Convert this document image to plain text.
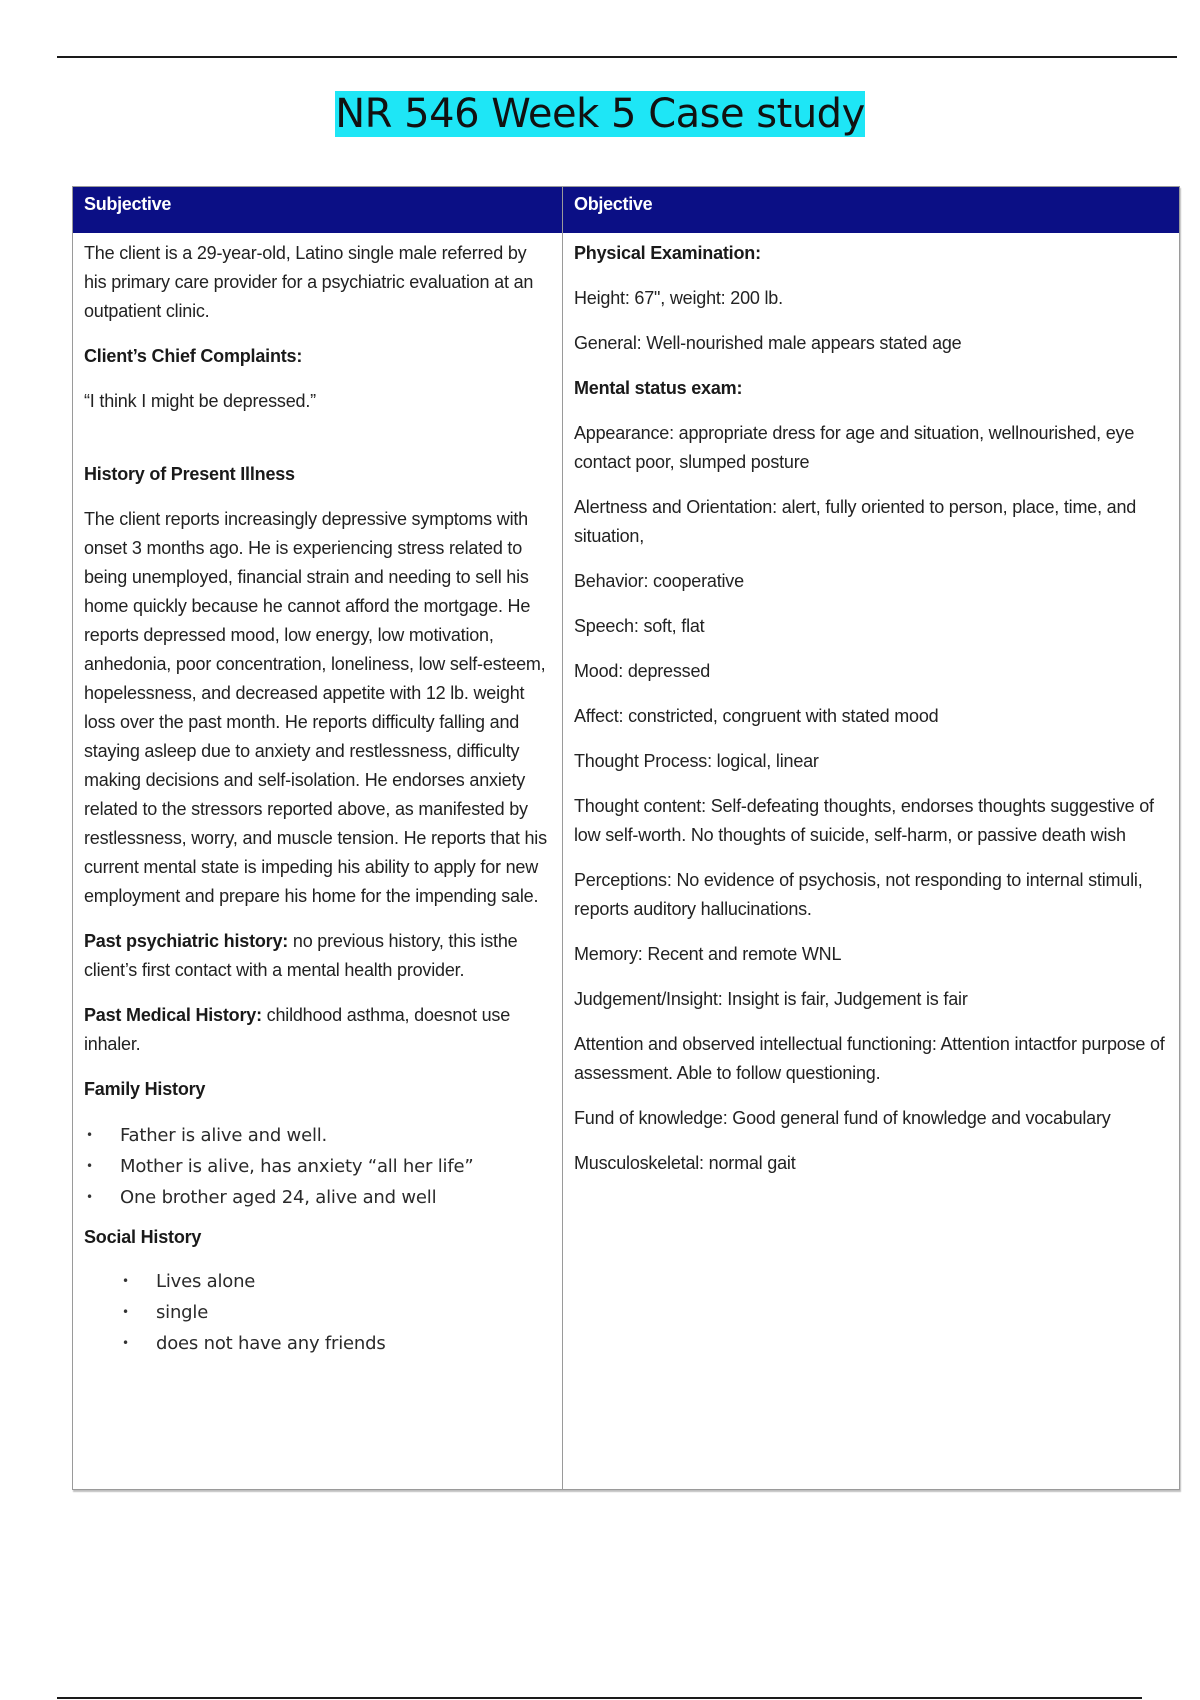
NR 546 Week 5 Case study
Subjective

The client is a 29-year-old, Latino single male referred by his primary care provider for a psychiatric evaluation at an outpatient clinic.

Client’s Chief Complaints:

“I think I might be depressed.”

History of Present Illness

The client reports increasingly depressive symptoms with onset 3 months ago. He is experiencing stress related to being unemployed, financial strain and needing to sell his home quickly because he cannot afford the mortgage. He reports depressed mood, low energy, low motivation, anhedonia, poor concentration, loneliness, low self-esteem, hopelessness, and decreased appetite with 12 lb. weight loss over the past month. He reports difficulty falling and staying asleep due to anxiety and restlessness, difficulty making decisions and self-isolation. He endorses anxiety related to the stressors reported above, as manifested by restlessness, worry, and muscle tension. He reports that his current mental state is impeding his ability to apply for new employment and prepare his home for the impending sale.

Past psychiatric history: no previous history, this isthe client’s first contact with a mental health provider.

Past Medical History: childhood asthma, doesnot use inhaler.

Family History

• Father is alive and well.
• Mother is alive, has anxiety “all her life”
• One brother aged 24, alive and well

Social History

• Lives alone
• single
• does not have any friends
Objective

Physical Examination:

Height: 67", weight: 200 lb.

General: Well-nourished male appears stated age

Mental status exam:

Appearance: appropriate dress for age and situation, wellnourished, eye contact poor, slumped posture

Alertness and Orientation: alert, fully oriented to person, place, time, and situation,

Behavior: cooperative

Speech: soft, flat

Mood: depressed

Affect: constricted, congruent with stated mood

Thought Process: logical, linear

Thought content: Self-defeating thoughts, endorses thoughts suggestive of low self-worth. No thoughts of suicide, self-harm, or passive death wish

Perceptions: No evidence of psychosis, not responding to internal stimuli, reports auditory hallucinations.

Memory: Recent and remote WNL

Judgement/Insight: Insight is fair, Judgement is fair

Attention and observed intellectual functioning: Attention intactfor purpose of assessment. Able to follow questioning.

Fund of knowledge: Good general fund of knowledge and vocabulary

Musculoskeletal: normal gait
